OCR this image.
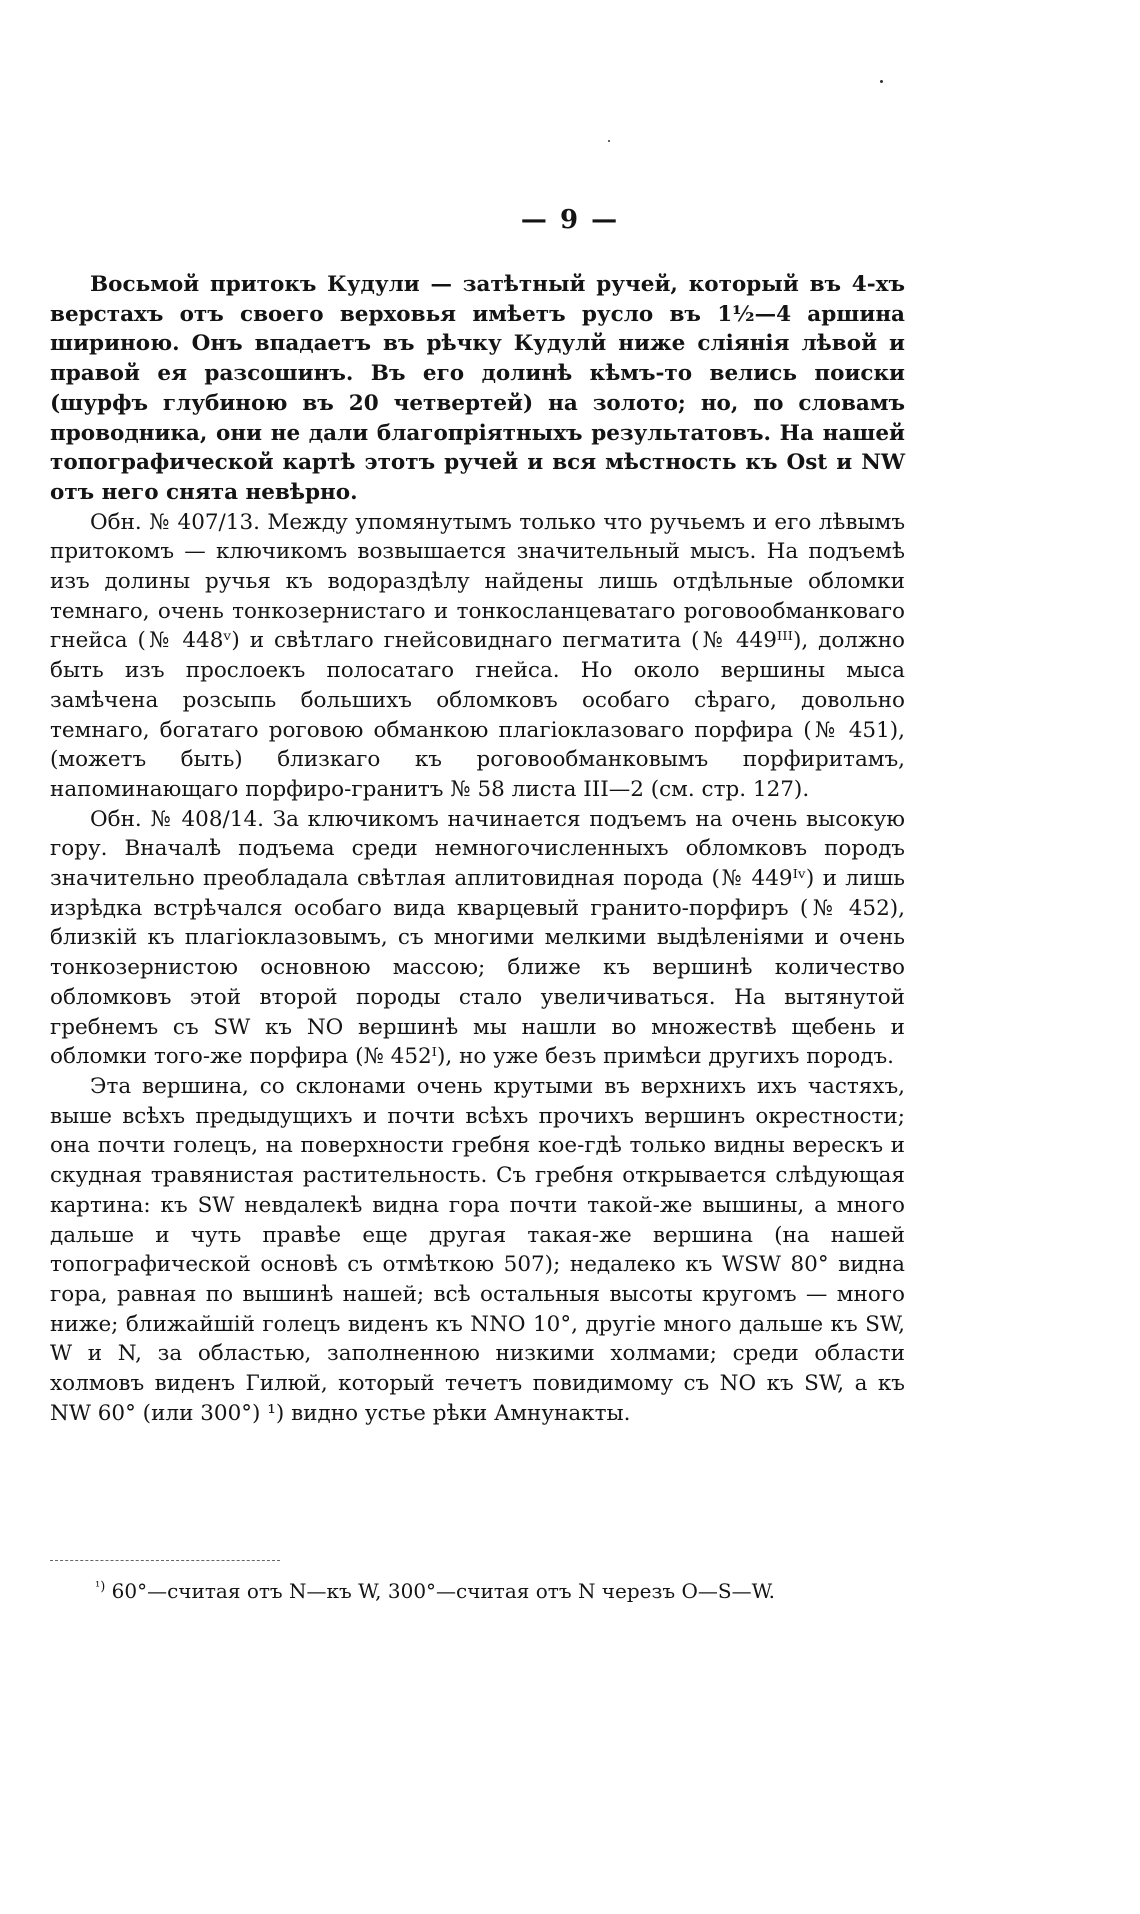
— 9 —

Восьмой притокъ Кудули — затѣтный ручей, который въ 4-хъ верстахъ отъ своего верховья имѣетъ русло въ 1½—4 аршина шириною. Онъ впадаетъ въ рѣчку Кудулй ниже сліянія лѣвой и правой ея разсошинъ. Въ его долинѣ кѣмъ-то велись поиски (шурфъ глубиною въ 20 четвертей) на золото; но, по словамъ проводника, они не дали благопріятныхъ результатовъ. На нашей топографической картѣ этотъ ручей и вся мѣстность къ Ost и NW отъ него снята невѣрно.

Обн. № 407/13. Между упомянутымъ только что ручьемъ и его лѣвымъ притокомъ — ключикомъ возвышается значительный мысъ. На подъемѣ изъ долины ручья къ водораздѣлу найдены лишь отдѣльные обломки темнаго, очень тонкозернистаго и тонкосланцеватаго роговообманковаго гнейса (№ 448ᵛ) и свѣтлаго гнейсовиднаго пегматита (№ 449ᴵᴵᴵ), должно быть изъ прослоекъ полосатаго гнейса. Но около вершины мыса замѣчена розсыпь большихъ обломковъ особаго сѣраго, довольно темнаго, богатаго роговою обманкою плагіоклазоваго порфира (№ 451), (можетъ быть) близкаго къ роговообманковымъ порфиритамъ, напоминающаго порфиро-гранитъ № 58 листа III—2 (см. стр. 127).

Обн. № 408/14. За ключикомъ начинается подъемъ на очень высокую гору. Вначалѣ подъема среди немногочисленныхъ обломковъ породъ значительно преобладала свѣтлая аплитовидная порода (№ 449ᴵᵛ) и лишь изрѣдка встрѣчался особаго вида кварцевый гранито-порфиръ (№ 452), близкій къ плагіоклазовымъ, съ многими мелкими выдѣленіями и очень тонкозернистою основною массою; ближе къ вершинѣ количество обломковъ этой второй породы стало увеличиваться. На вытянутой гребнемъ съ SW къ NO вершинѣ мы нашли во множествѣ щебень и обломки того-же порфира (№ 452ᴵ), но уже безъ примѣси другихъ породъ.

Эта вершина, со склонами очень крутыми въ верхнихъ ихъ частяхъ, выше всѣхъ предыдущихъ и почти всѣхъ прочихъ вершинъ окрестности; она почти голецъ, на поверхности гребня кое-гдѣ только видны верескъ и скудная травянистая растительность. Съ гребня открывается слѣдующая картина: къ SW невдалекѣ видна гора почти такой-же вышины, а много дальше и чуть правѣе еще другая такая-же вершина (на нашей топографической основѣ съ отмѣткою 507); недалеко къ WSW 80° видна гора, равная по вышинѣ нашей; всѣ остальныя высоты кругомъ — много ниже; ближайшій голецъ виденъ къ NNO 10°, другіе много дальше къ SW, W и N, за областью, заполненною низкими холмами; среди области холмовъ виденъ Гилюй, который течетъ повидимому съ NO къ SW, а къ NW 60° (или 300°) ¹) видно устье рѣки Амнунакты.

$^{^1)}$ 60°—считая отъ N—къ W, 300°—считая отъ N черезъ O—S—W.
